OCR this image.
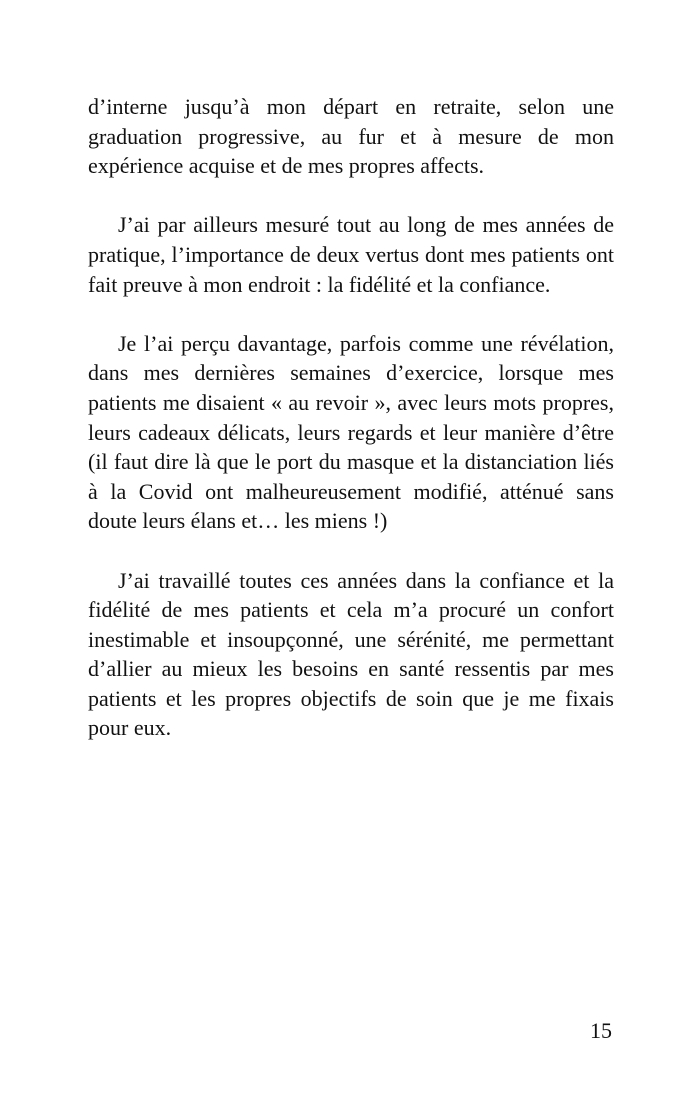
d’interne jusqu’à mon départ en retraite, selon une graduation progressive, au fur et à mesure de mon expérience acquise et de mes propres affects.

J’ai par ailleurs mesuré tout au long de mes années de pratique, l’importance de deux vertus dont mes patients ont fait preuve à mon endroit : la fidélité et la confiance.

Je l’ai perçu davantage, parfois comme une révélation, dans mes dernières semaines d’exercice, lorsque mes patients me disaient « au revoir », avec leurs mots propres, leurs cadeaux délicats, leurs regards et leur manière d’être (il faut dire là que le port du masque et la distanciation liés à la Covid ont malheureusement modifié, atténué sans doute leurs élans et… les miens !)

J’ai travaillé toutes ces années dans la confiance et la fidélité de mes patients et cela m’a procuré un confort inestimable et insoupçonné, une sérénité, me permettant d’allier au mieux les besoins en santé ressentis par mes patients et les propres objectifs de soin que je me fixais pour eux.

15
